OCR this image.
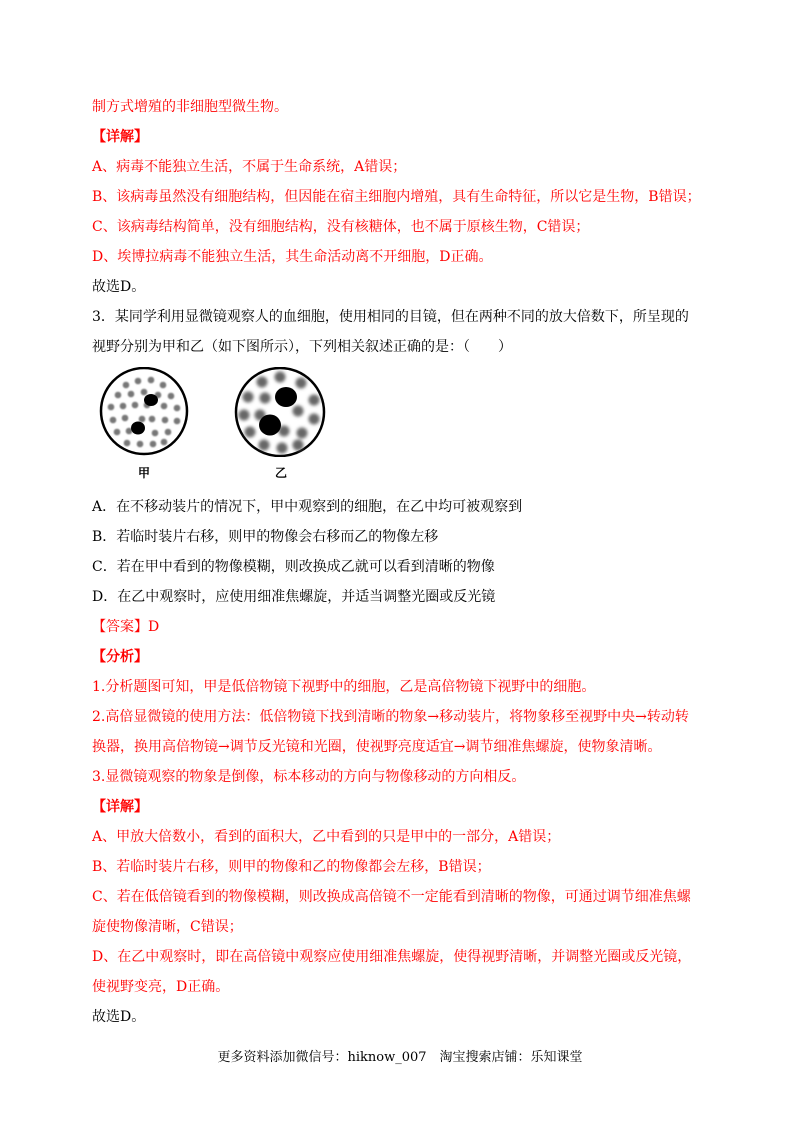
制方式增殖的非细胞型微生物。
【详解】
A、病毒不能独立生活，不属于生命系统，A错误；
B、该病毒虽然没有细胞结构，但因能在宿主细胞内增殖，具有生命特征，所以它是生物，B错误；
C、该病毒结构简单，没有细胞结构，没有核糖体，也不属于原核生物，C错误；
D、埃博拉病毒不能独立生活，其生命活动离不开细胞，D正确。
故选D。
3．某同学利用显微镜观察人的血细胞，使用相同的目镜，但在两种不同的放大倍数下，所呈现的
视野分别为甲和乙（如下图所示），下列相关叙述正确的是：（　　）
甲	乙
A．在不移动装片的情况下，甲中观察到的细胞，在乙中均可被观察到
B．若临时装片右移，则甲的物像会右移而乙的物像左移
C．若在甲中看到的物像模糊，则改换成乙就可以看到清晰的物像
D．在乙中观察时，应使用细准焦螺旋，并适当调整光圈或反光镜
【答案】D
【分析】
1.分析题图可知，甲是低倍物镜下视野中的细胞，乙是高倍物镜下视野中的细胞。
2.高倍显微镜的使用方法：低倍物镜下找到清晰的物象→移动装片，将物象移至视野中央→转动转
换器，换用高倍物镜→调节反光镜和光圈，使视野亮度适宜→调节细准焦螺旋，使物象清晰。
3.显微镜观察的物象是倒像，标本移动的方向与物像移动的方向相反。
【详解】
A、甲放大倍数小，看到的面积大，乙中看到的只是甲中的一部分，A错误；
B、若临时装片右移，则甲的物像和乙的物像都会左移，B错误；
C、若在低倍镜看到的物像模糊，则改换成高倍镜不一定能看到清晰的物像，可通过调节细准焦螺
旋使物像清晰，C错误；
D、在乙中观察时，即在高倍镜中观察应使用细准焦螺旋，使得视野清晰，并调整光圈或反光镜，
使视野变亮，D正确。
故选D。
更多资料添加微信号：hiknow_007　淘宝搜索店铺：乐知课堂
